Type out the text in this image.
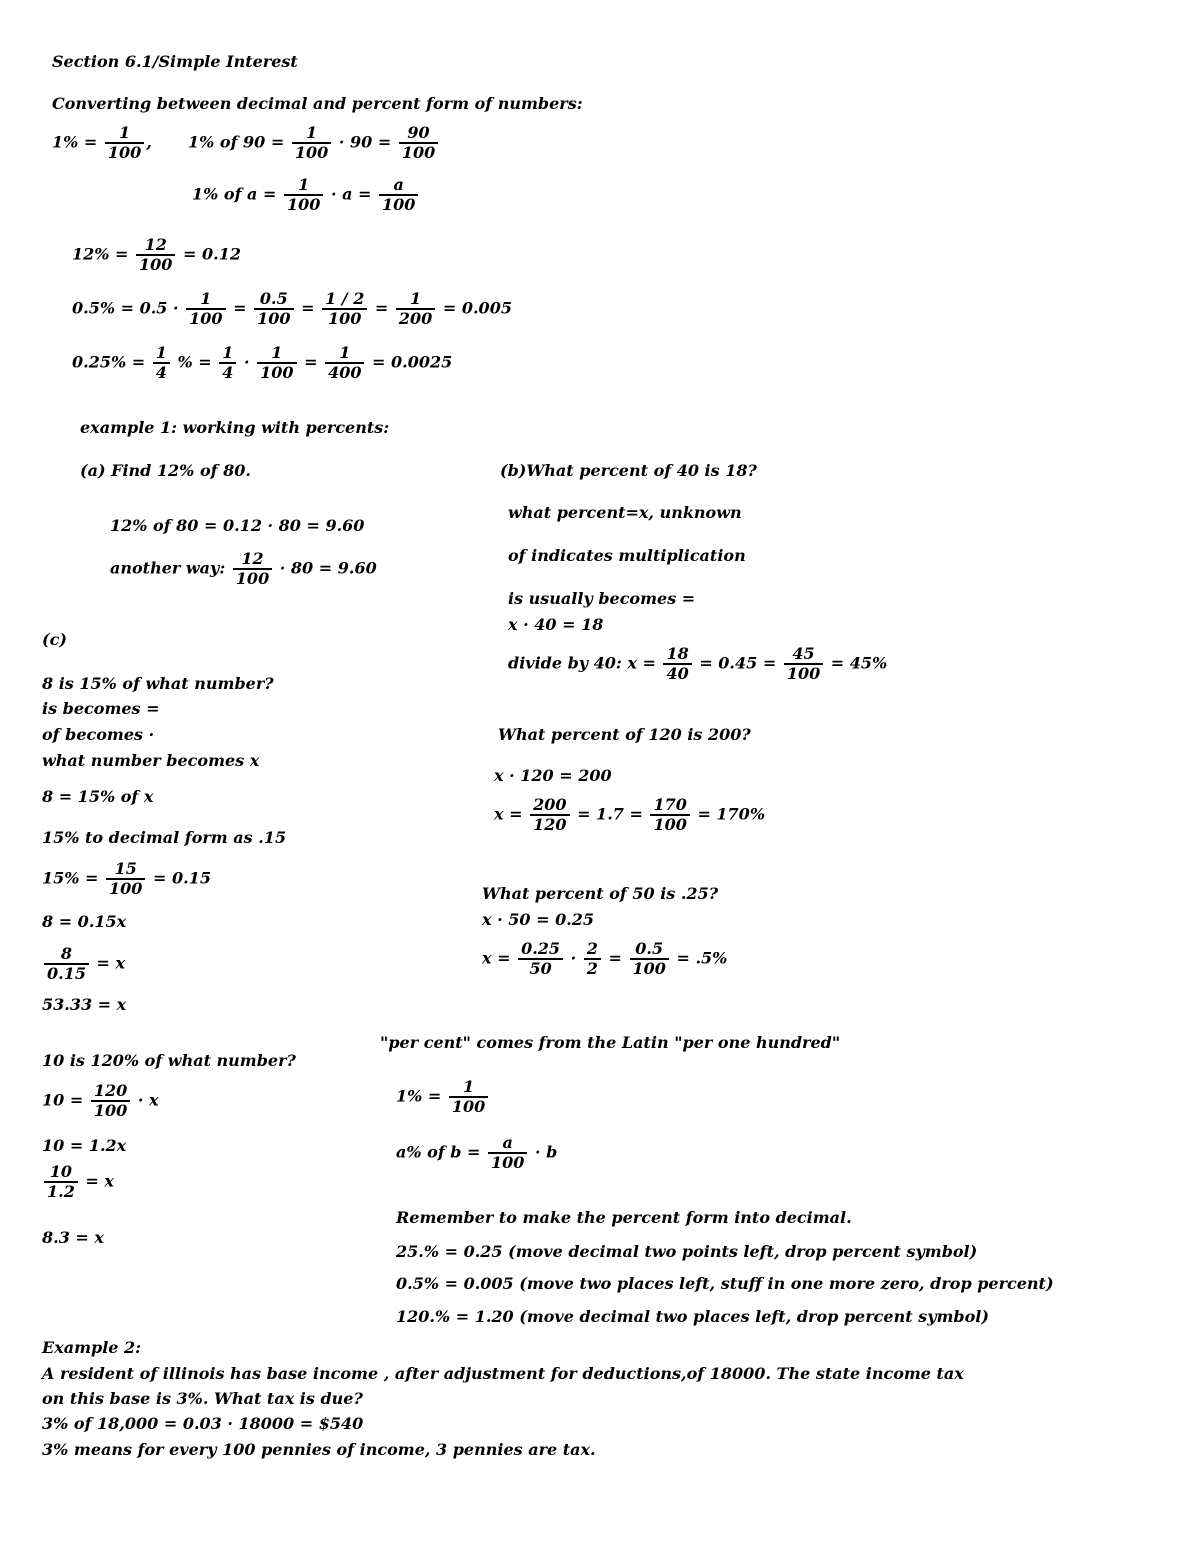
Section 6.1/Simple Interest
Converting between decimal and percent form of numbers:
$1\% = \frac{1}{100}$ , 1% of $90 = \frac{1}{100} \cdot 90 = \frac{90}{100}$
1% of $a = \frac{1}{100} \cdot a = \frac{a}{100}$
$12\% = \frac{12}{100} = 0.12$
$0.5\% = 0.5 \cdot \frac{1}{100} = \frac{0.5}{100} = \frac{1 / 2}{100} = \frac{1}{200} = 0.005$
$0.25\% = \frac{1}{4}$ % = $\frac{1}{4} \cdot \frac{1}{100} = \frac{1}{400} = 0.0025$
example 1: working with percents:
(a) Find 12% of 80.
12% of 80 = 0.12 · 80 = 9.60
another way: $\frac{12}{100} \cdot 80 = 9.60$
(b)What percent of 40 is 18?
what percent=x, unknown
of indicates multiplication
is usually becomes =
x · 40 = 18
divide by 40: $x = \frac{18}{40} = 0.45 = \frac{45}{100} = 45\%$
(c)
8 is 15% of what number?
is becomes =
of becomes ·
what number becomes x
8 = 15% of x
15% to decimal form as .15
$15\% = \frac{15}{100} = 0.15$
8 = 0.15x
$\frac{8}{0.15} = x$
53.33 = x
What percent of 120 is 200?
x · 120 = 200
$x = \frac{200}{120} = 1.7 = \frac{170}{100} = 170\%$
What percent of 50 is .25?
x · 50 = 0.25
$x = \frac{0.25}{50} \cdot \frac{2}{2} = \frac{0.5}{100} = .5\%$
"per cent" comes from the Latin "per one hundred"
10 is 120% of what number?
$10 = \frac{120}{100} \cdot x$
10 = 1.2x
$\frac{10}{1.2} = x$
8.3 = x
$1\% = \frac{1}{100}$
a% of $b = \frac{a}{100} \cdot b$
Remember to make the percent form into decimal.
25.% = 0.25 (move decimal two points left, drop percent symbol)
0.5% = 0.005 (move two places left, stuff in one more zero, drop percent)
120.% = 1.20 (move decimal two places left, drop percent symbol)
Example 2:
A resident of illinois has base income , after adjustment for deductions,of 18000. The state income tax
on this base is 3%. What tax is due?
3% of 18,000 = 0.03 · 18000 = $540
3% means for every 100 pennies of income, 3 pennies are tax.
